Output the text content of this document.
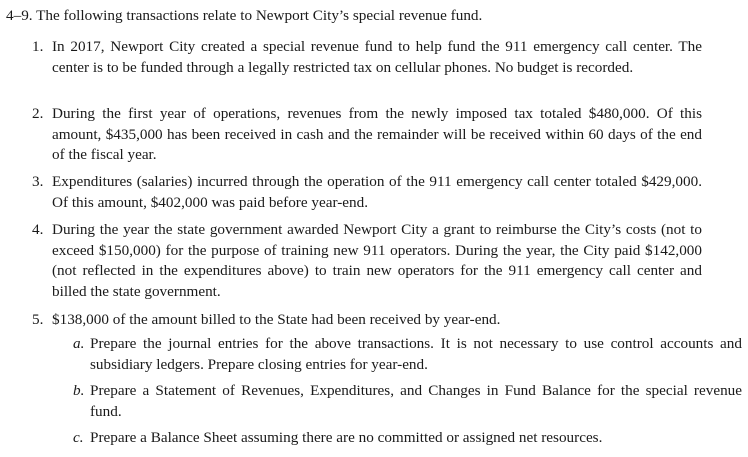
4–9. The following transactions relate to Newport City’s special revenue fund.
1. In 2017, Newport City created a special revenue fund to help fund the 911 emergency call center. The center is to be funded through a legally restricted tax on cellular phones. No budget is recorded.
2. During the first year of operations, revenues from the newly imposed tax totaled $480,000. Of this amount, $435,000 has been received in cash and the remainder will be received within 60 days of the end of the fiscal year.
3. Expenditures (salaries) incurred through the operation of the 911 emergency call center totaled $429,000. Of this amount, $402,000 was paid before year-end.
4. During the year the state government awarded Newport City a grant to reimburse the City’s costs (not to exceed $150,000) for the purpose of training new 911 operators. During the year, the City paid $142,000 (not reflected in the expenditures above) to train new operators for the 911 emergency call center and billed the state government.
5. $138,000 of the amount billed to the State had been received by year-end.
a. Prepare the journal entries for the above transactions. It is not necessary to use control accounts and subsidiary ledgers. Prepare closing entries for year-end.
b. Prepare a Statement of Revenues, Expenditures, and Changes in Fund Balance for the special revenue fund.
c. Prepare a Balance Sheet assuming there are no committed or assigned net resources.
